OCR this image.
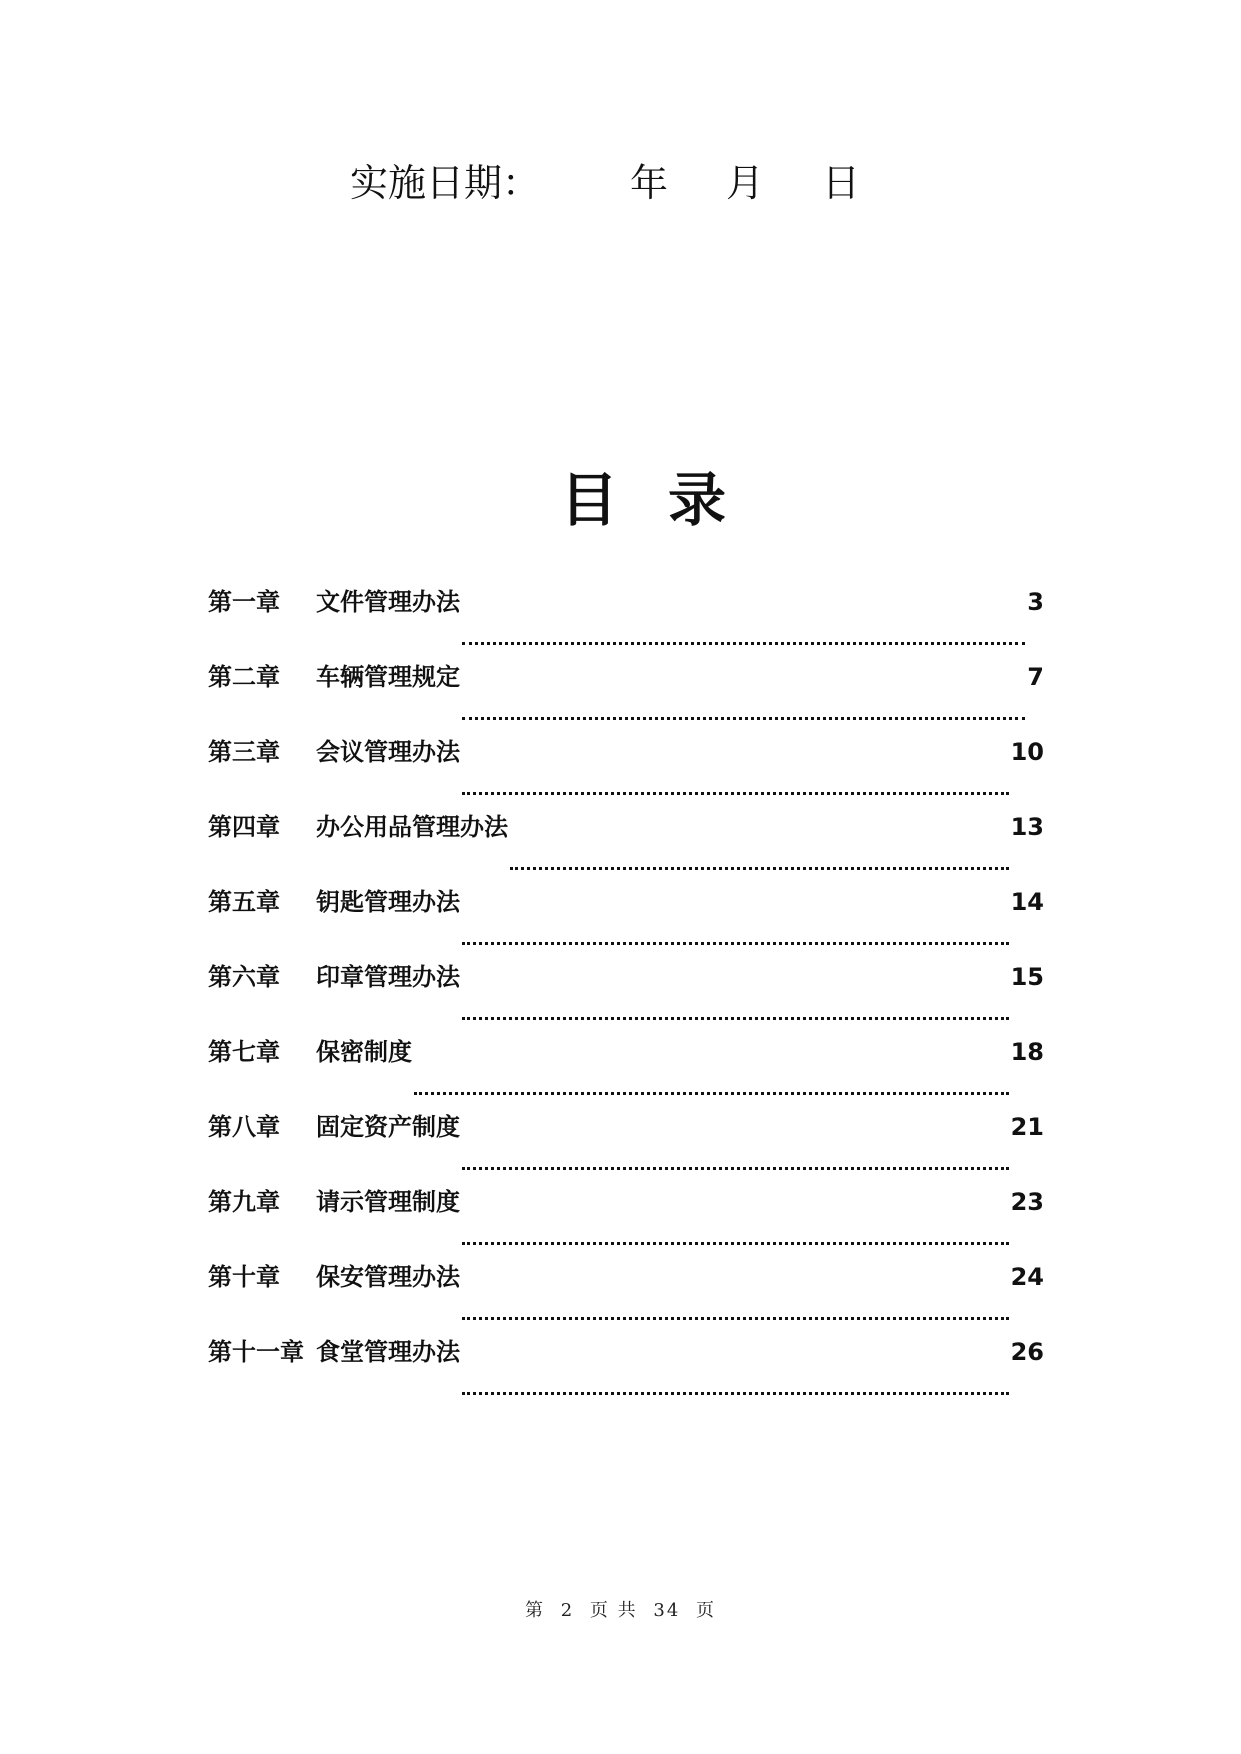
实施日期： 年 月 日
目 录
第一章	文件管理办法	3
第二章	车辆管理规定	7
第三章	会议管理办法	10
第四章	办公用品管理办法	13
第五章	钥匙管理办法	14
第六章	印章管理办法	15
第七章	保密制度	18
第八章	固定资产制度	21
第九章	请示管理制度	23
第十章	保安管理办法	24
第十一章 食堂管理办法	26
第 2 页 共 34 页
